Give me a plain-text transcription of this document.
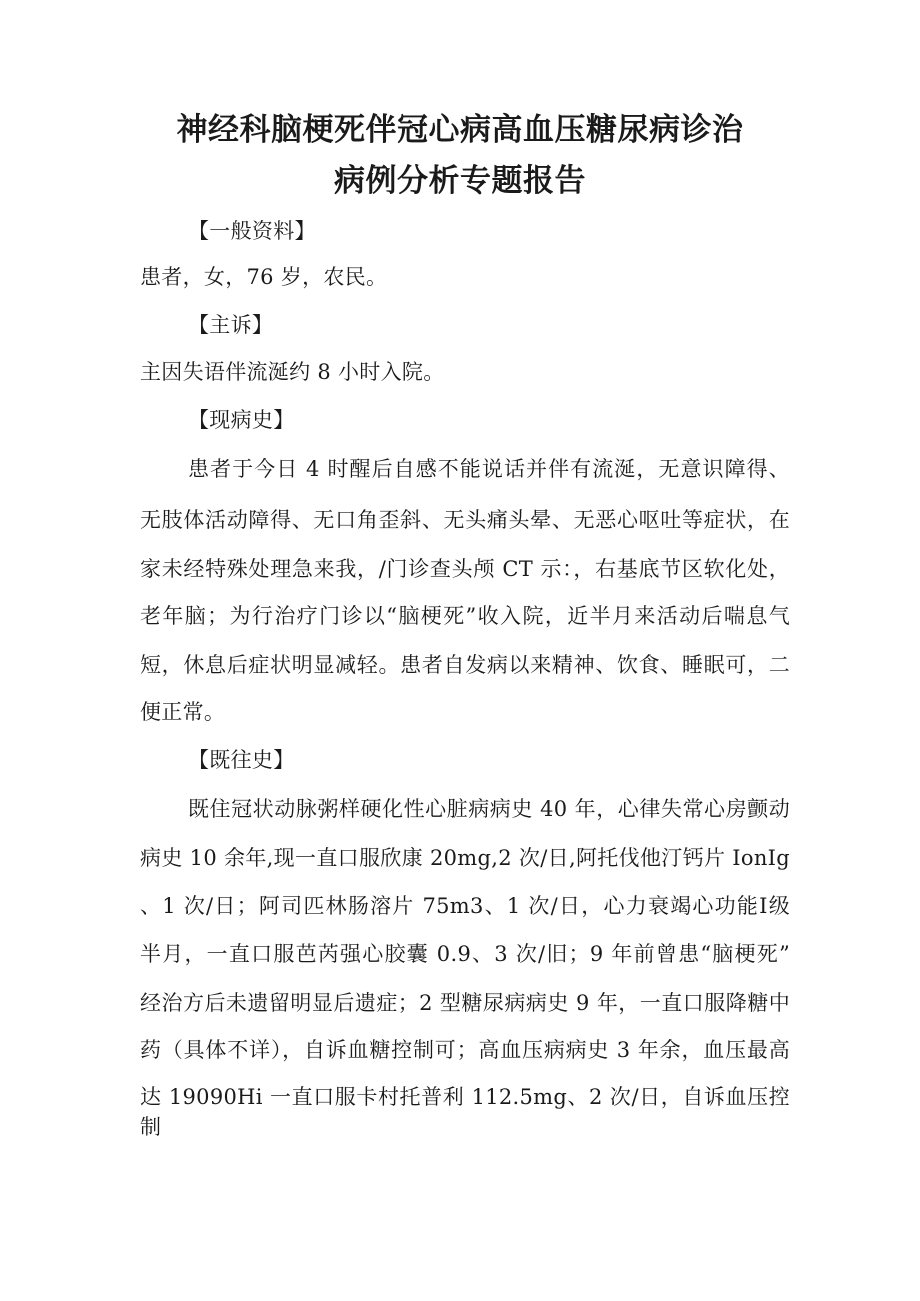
神经科脑梗死伴冠心病高血压糖尿病诊治
病例分析专题报告
【一般资料】
患者，女，76 岁，农民。
【主诉】
主因失语伴流涎约 8 小时入院。
【现病史】
患者于今日 4 时醒后自感不能说话并伴有流涎，无意识障得、
无肢体活动障得、无口角歪斜、无头痛头晕、无恶心呕吐等症状，在
家未经特殊处理急来我，/门诊查头颅 CT 示：，右基底节区软化处，
老年脑；为行治疗门诊以“脑梗死”收入院，近半月来活动后喘息气
短，休息后症状明显减轻。患者自发病以来精神、饮食、睡眠可，二
便正常。
【既往史】
既住冠状动脉粥样硬化性心脏病病史 40 年，心律失常心房颤动
病史 10 余年,现一直口服欣康 20mg,2 次/日,阿托伐他汀钙片 IonIg
、1 次/日；阿司匹林肠溶片 75m3、1 次/日，心力衰竭心功能Ⅰ级
半月，一直口服芭芮强心胶囊 0.9、3 次/旧；9 年前曾患“脑梗死”
经治方后未遗留明显后遗症；2 型糖尿病病史 9 年，一直口服降糖中
药（具体不详），自诉血糖控制可；高血压病病史 3 年余，血压最高
达 19090Hi 一直口服卡村托普利 112.5mg、2 次/日，自诉血压控制
